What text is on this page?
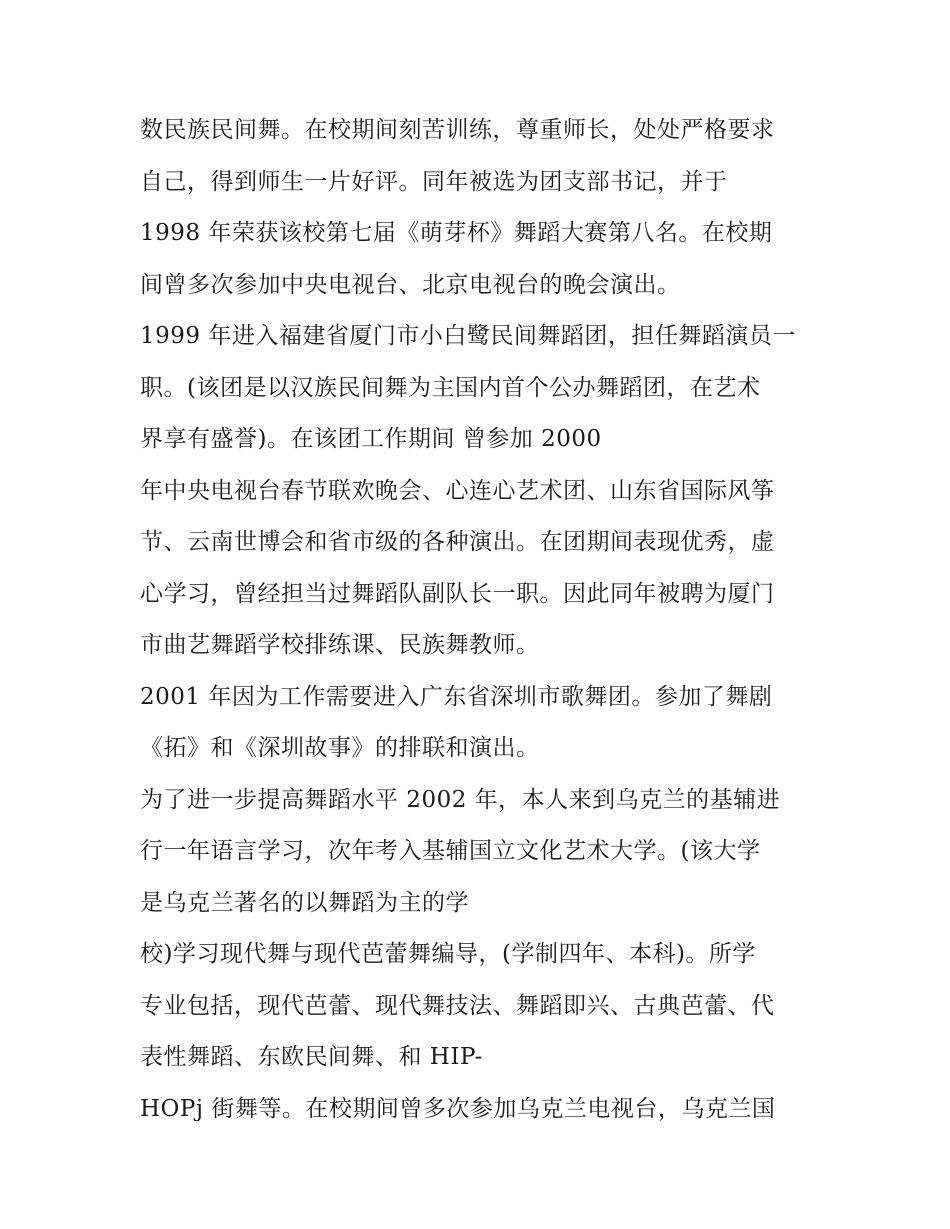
数民族民间舞。在校期间刻苦训练，尊重师长，处处严格要求
自己，得到师生一片好评。同年被选为团支部书记，并于
1998 年荣获该校第七届《萌芽杯》舞蹈大赛第八名。在校期
间曾多次参加中央电视台、北京电视台的晚会演出。
1999 年进入福建省厦门市小白鹭民间舞蹈团，担任舞蹈演员一
职。(该团是以汉族民间舞为主国内首个公办舞蹈团，在艺术
界享有盛誉)。在该团工作期间 曾参加 2000
年中央电视台春节联欢晚会、心连心艺术团、山东省国际风筝
节、云南世博会和省市级的各种演出。在团期间表现优秀，虚
心学习，曾经担当过舞蹈队副队长一职。因此同年被聘为厦门
市曲艺舞蹈学校排练课、民族舞教师。
2001 年因为工作需要进入广东省深圳市歌舞团。参加了舞剧
《拓》和《深圳故事》的排联和演出。
为了进一步提高舞蹈水平 2002 年，本人来到乌克兰的基辅进
行一年语言学习，次年考入基辅国立文化艺术大学。(该大学
是乌克兰著名的以舞蹈为主的学
校)学习现代舞与现代芭蕾舞编导，(学制四年、本科)。所学
专业包括，现代芭蕾、现代舞技法、舞蹈即兴、古典芭蕾、代
表性舞蹈、东欧民间舞、和 HIP-
HOPj 街舞等。在校期间曾多次参加乌克兰电视台，乌克兰国
